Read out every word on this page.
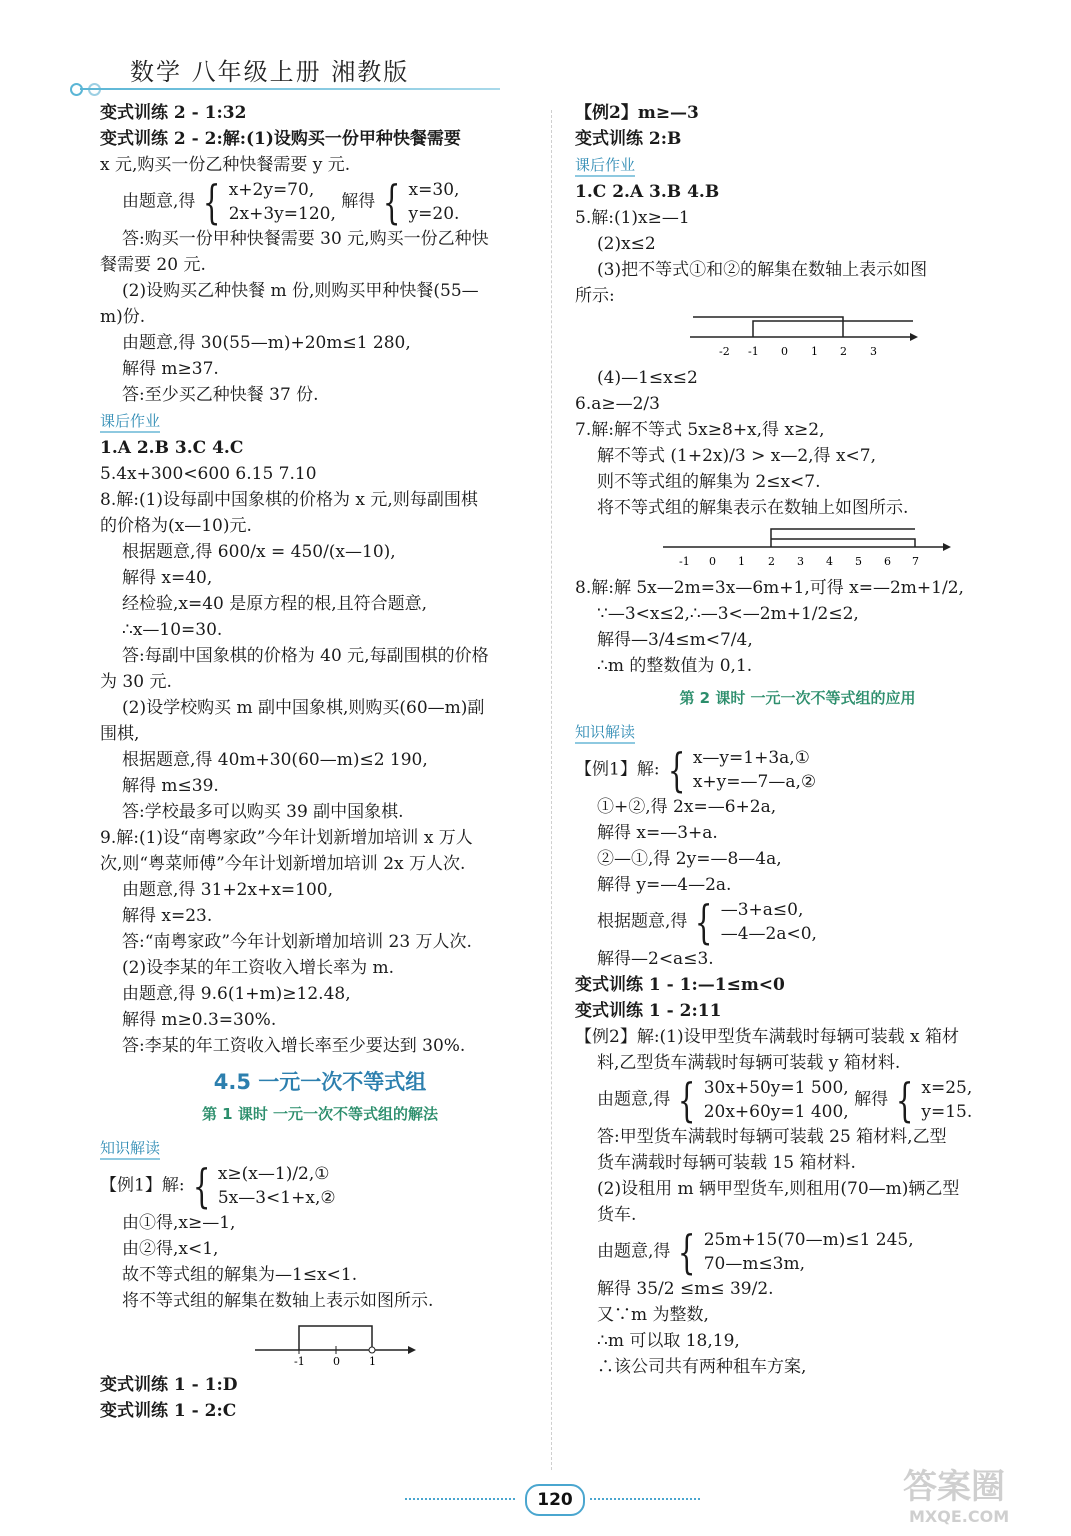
数学 八年级上册 湘教版
变式训练 2 - 1:32
变式训练 2 - 2:解:(1)设购买一份甲种快餐需要
x 元,购买一份乙种快餐需要 y 元.
由题意,得 { x+2y=70,
2x+3y=120,
解得 { x=30,
y=20.
答:购买一份甲种快餐需要 30 元,购买一份乙种快
餐需要 20 元.
(2)设购买乙种快餐 m 份,则购买甲种快餐(55—
m)份.
由题意,得 30(55—m)+20m≤1 280,
解得 m≥37.
答:至少买乙种快餐 37 份.
课后作业
1.A 2.B 3.C 4.C
5.4x+300<600 6.15 7.10
8.解:(1)设每副中国象棋的价格为 x 元,则每副围棋
的价格为(x—10)元.
根据题意,得 600/x = 450/(x—10),
解得 x=40,
经检验,x=40 是原方程的根,且符合题意,
∴x—10=30.
答:每副中国象棋的价格为 40 元,每副围棋的价格
为 30 元.
(2)设学校购买 m 副中国象棋,则购买(60—m)副
围棋,
根据题意,得 40m+30(60—m)≤2 190,
解得 m≤39.
答:学校最多可以购买 39 副中国象棋.
9.解:(1)设“南粤家政”今年计划新增加培训 x 万人
次,则“粤菜师傅”今年计划新增加培训 2x 万人次.
由题意,得 31+2x+x=100,
解得 x=23.
答:“南粤家政”今年计划新增加培训 23 万人次.
(2)设李某的年工资收入增长率为 m.
由题意,得 9.6(1+m)≥12.48,
解得 m≥0.3=30%.
答:李某的年工资收入增长率至少要达到 30%.
4.5 一元一次不等式组
第 1 课时 一元一次不等式组的解法
知识解读
【例1】解: { x≥(x—1)/2,①
5x—3<1+x,②
由①得,x≥—1,
由②得,x<1,
故不等式组的解集为—1≤x<1.
将不等式组的解集在数轴上表示如图所示.
-1	0	1
变式训练 1 - 1:D
变式训练 1 - 2:C
【例2】m≥—3
变式训练 2:B
课后作业
1.C 2.A 3.B 4.B
5.解:(1)x≥—1
(2)x≤2
(3)把不等式①和②的解集在数轴上表示如图
所示:
-2 -1 0 1 2 3
(4)—1≤x≤2
6.a≥—2/3
7.解:解不等式 5x≥8+x,得 x≥2,
解不等式 (1+2x)/3 > x—2,得 x<7,
则不等式组的解集为 2≤x<7.
将不等式组的解集表示在数轴上如图所示.
-1 0 1 2 3 4 5 6 7
8.解:解 5x—2m=3x—6m+1,可得 x=—2m+1/2,
∵—3<x≤2,∴—3<—2m+1/2≤2,
解得—3/4≤m<7/4,
∴m 的整数值为 0,1.
第 2 课时 一元一次不等式组的应用
知识解读
【例1】解: { x—y=1+3a,①
x+y=—7—a,②
①+②,得 2x=—6+2a,
解得 x=—3+a.
②—①,得 2y=—8—4a,
解得 y=—4—2a.
根据题意,得 { —3+a≤0,
—4—2a<0,
解得—2<a≤3.
变式训练 1 - 1:—1≤m<0
变式训练 1 - 2:11
【例2】解:(1)设甲型货车满载时每辆可装载 x 箱材
料,乙型货车满载时每辆可装载 y 箱材料.
由题意,得 { 30x+50y=1 500,
20x+60y=1 400,
解得 { x=25,
y=15.
答:甲型货车满载时每辆可装载 25 箱材料,乙型
货车满载时每辆可装载 15 箱材料.
(2)设租用 m 辆甲型货车,则租用(70—m)辆乙型
货车.
由题意,得 { 25m+15(70—m)≤1 245,
70—m≤3m,
解得 35/2 ≤m≤ 39/2.
又∵m 为整数,
∴m 可以取 18,19,
∴该公司共有两种租车方案,
120	答案圈
MXQE.COM
